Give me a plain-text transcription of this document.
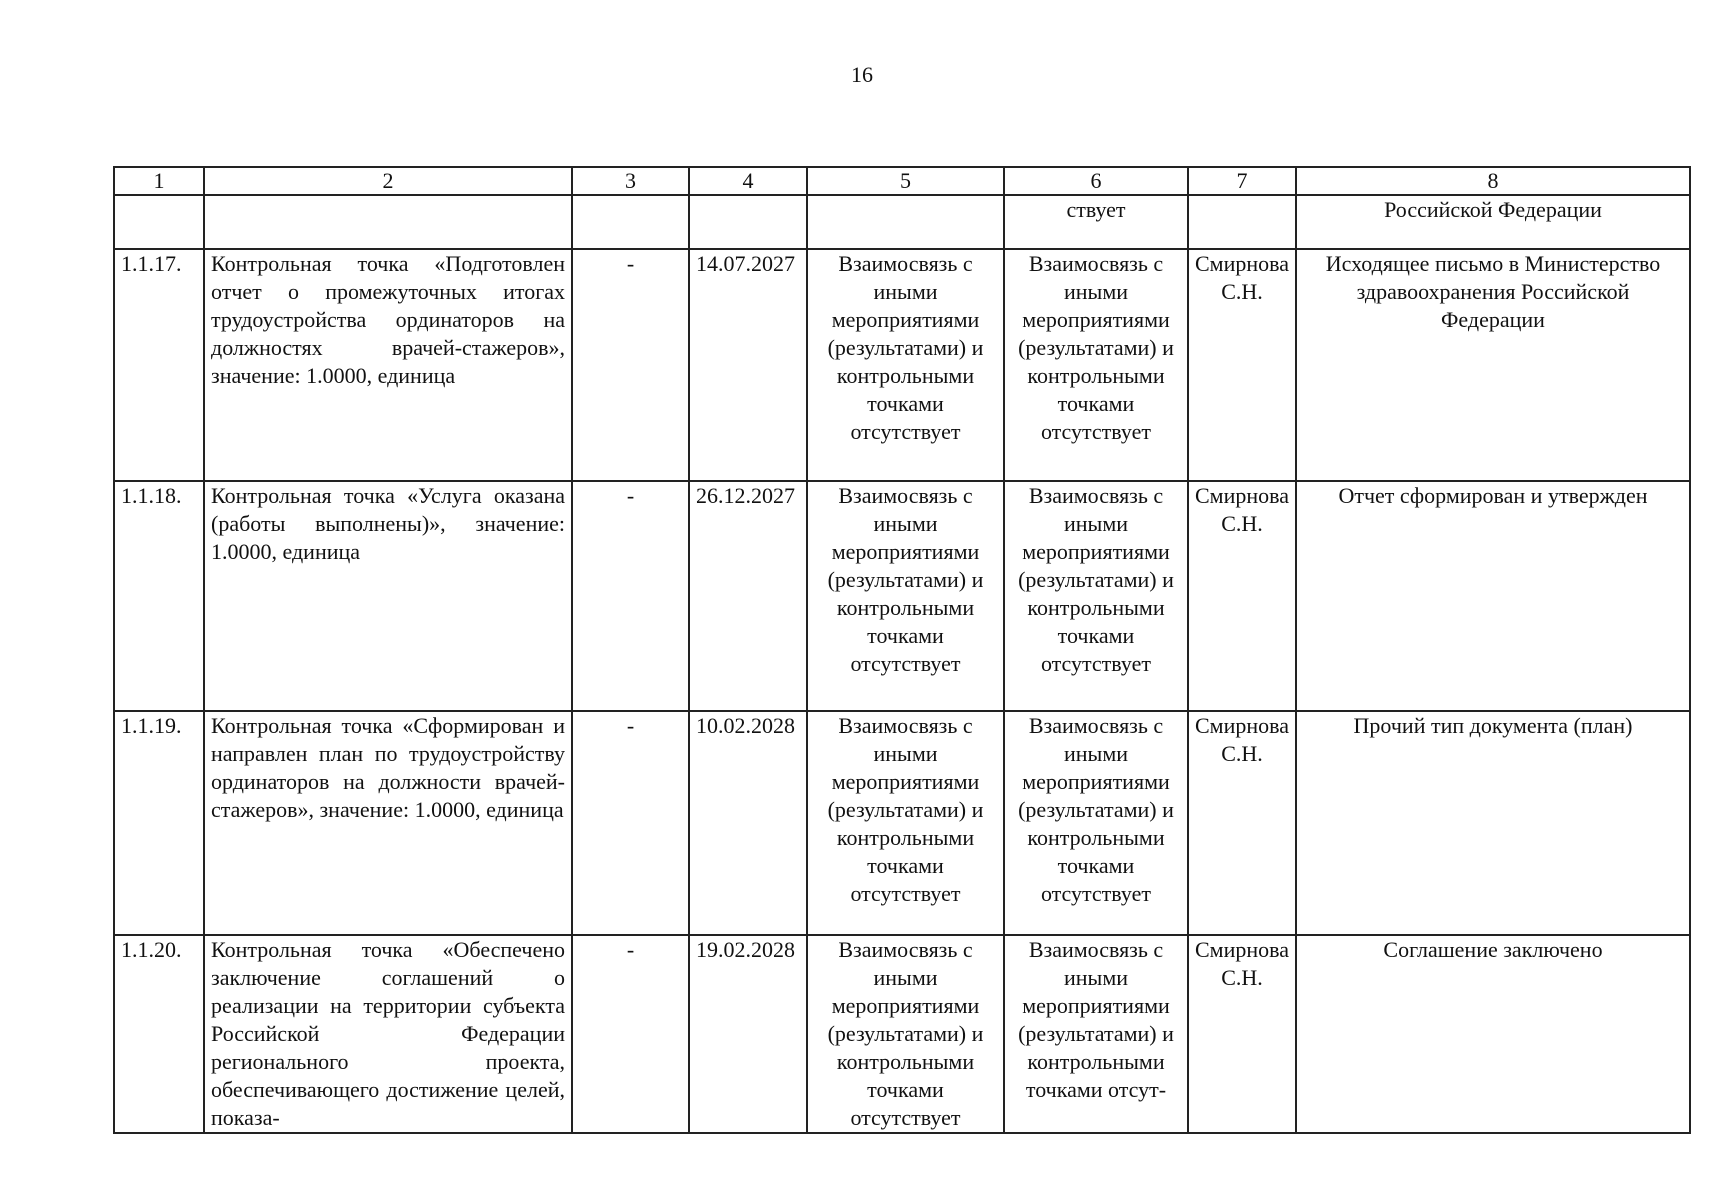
16
1	2	3	4	5	6	7	8
					ствует		Российской Федерации
1.1.17.	Контрольная точка «Подготовлен отчет о промежуточных итогах трудоустройства ординаторов на должностях врачей-стажеров», значение: 1.0000, единица	-	14.07.2027	Взаимосвязь с иными мероприятиями (результатами) и контрольными точками отсутствует	Взаимосвязь с иными мероприятиями (результатами) и контрольными точками отсутствует	Смирнова С.Н.	Исходящее письмо в Министерство здравоохранения Российской Федерации
1.1.18.	Контрольная точка «Услуга оказана (работы выполнены)», значение: 1.0000, единица	-	26.12.2027	Взаимосвязь с иными мероприятиями (результатами) и контрольными точками отсутствует	Взаимосвязь с иными мероприятиями (результатами) и контрольными точками отсутствует	Смирнова С.Н.	Отчет сформирован и утвержден
1.1.19.	Контрольная точка «Сформирован и направлен план по трудоустройству ординаторов на должности врачей-стажеров», значение: 1.0000, единица	-	10.02.2028	Взаимосвязь с иными мероприятиями (результатами) и контрольными точками отсутствует	Взаимосвязь с иными мероприятиями (результатами) и контрольными точками отсутствует	Смирнова С.Н.	Прочий тип документа (план)
1.1.20.	Контрольная точка «Обеспечено заключение соглашений о реализации на территории субъекта Российской Федерации регионального проекта, обеспечивающего достижение целей, показа-	-	19.02.2028	Взаимосвязь с иными мероприятиями (результатами) и контрольными точками отсутствует	Взаимосвязь с иными мероприятиями (результатами) и контрольными точками отсут-	Смирнова С.Н.	Соглашение заключено
